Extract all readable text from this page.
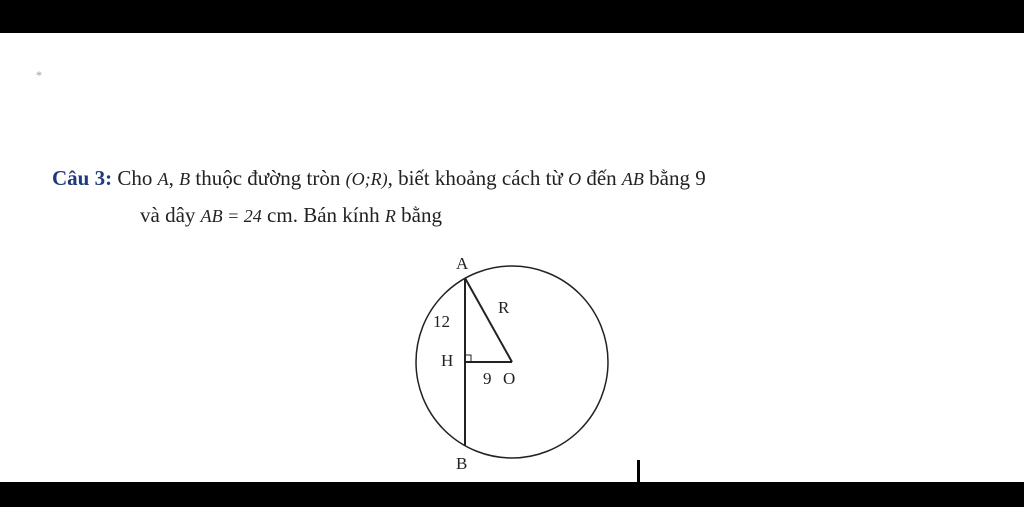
*
Câu 3: Cho A, B thuộc đường tròn (O;R), biết khoảng cách từ O đến AB bằng 9
và dây AB = 24 cm. Bán kính R bằng
A
B
H
O
R
12
9
